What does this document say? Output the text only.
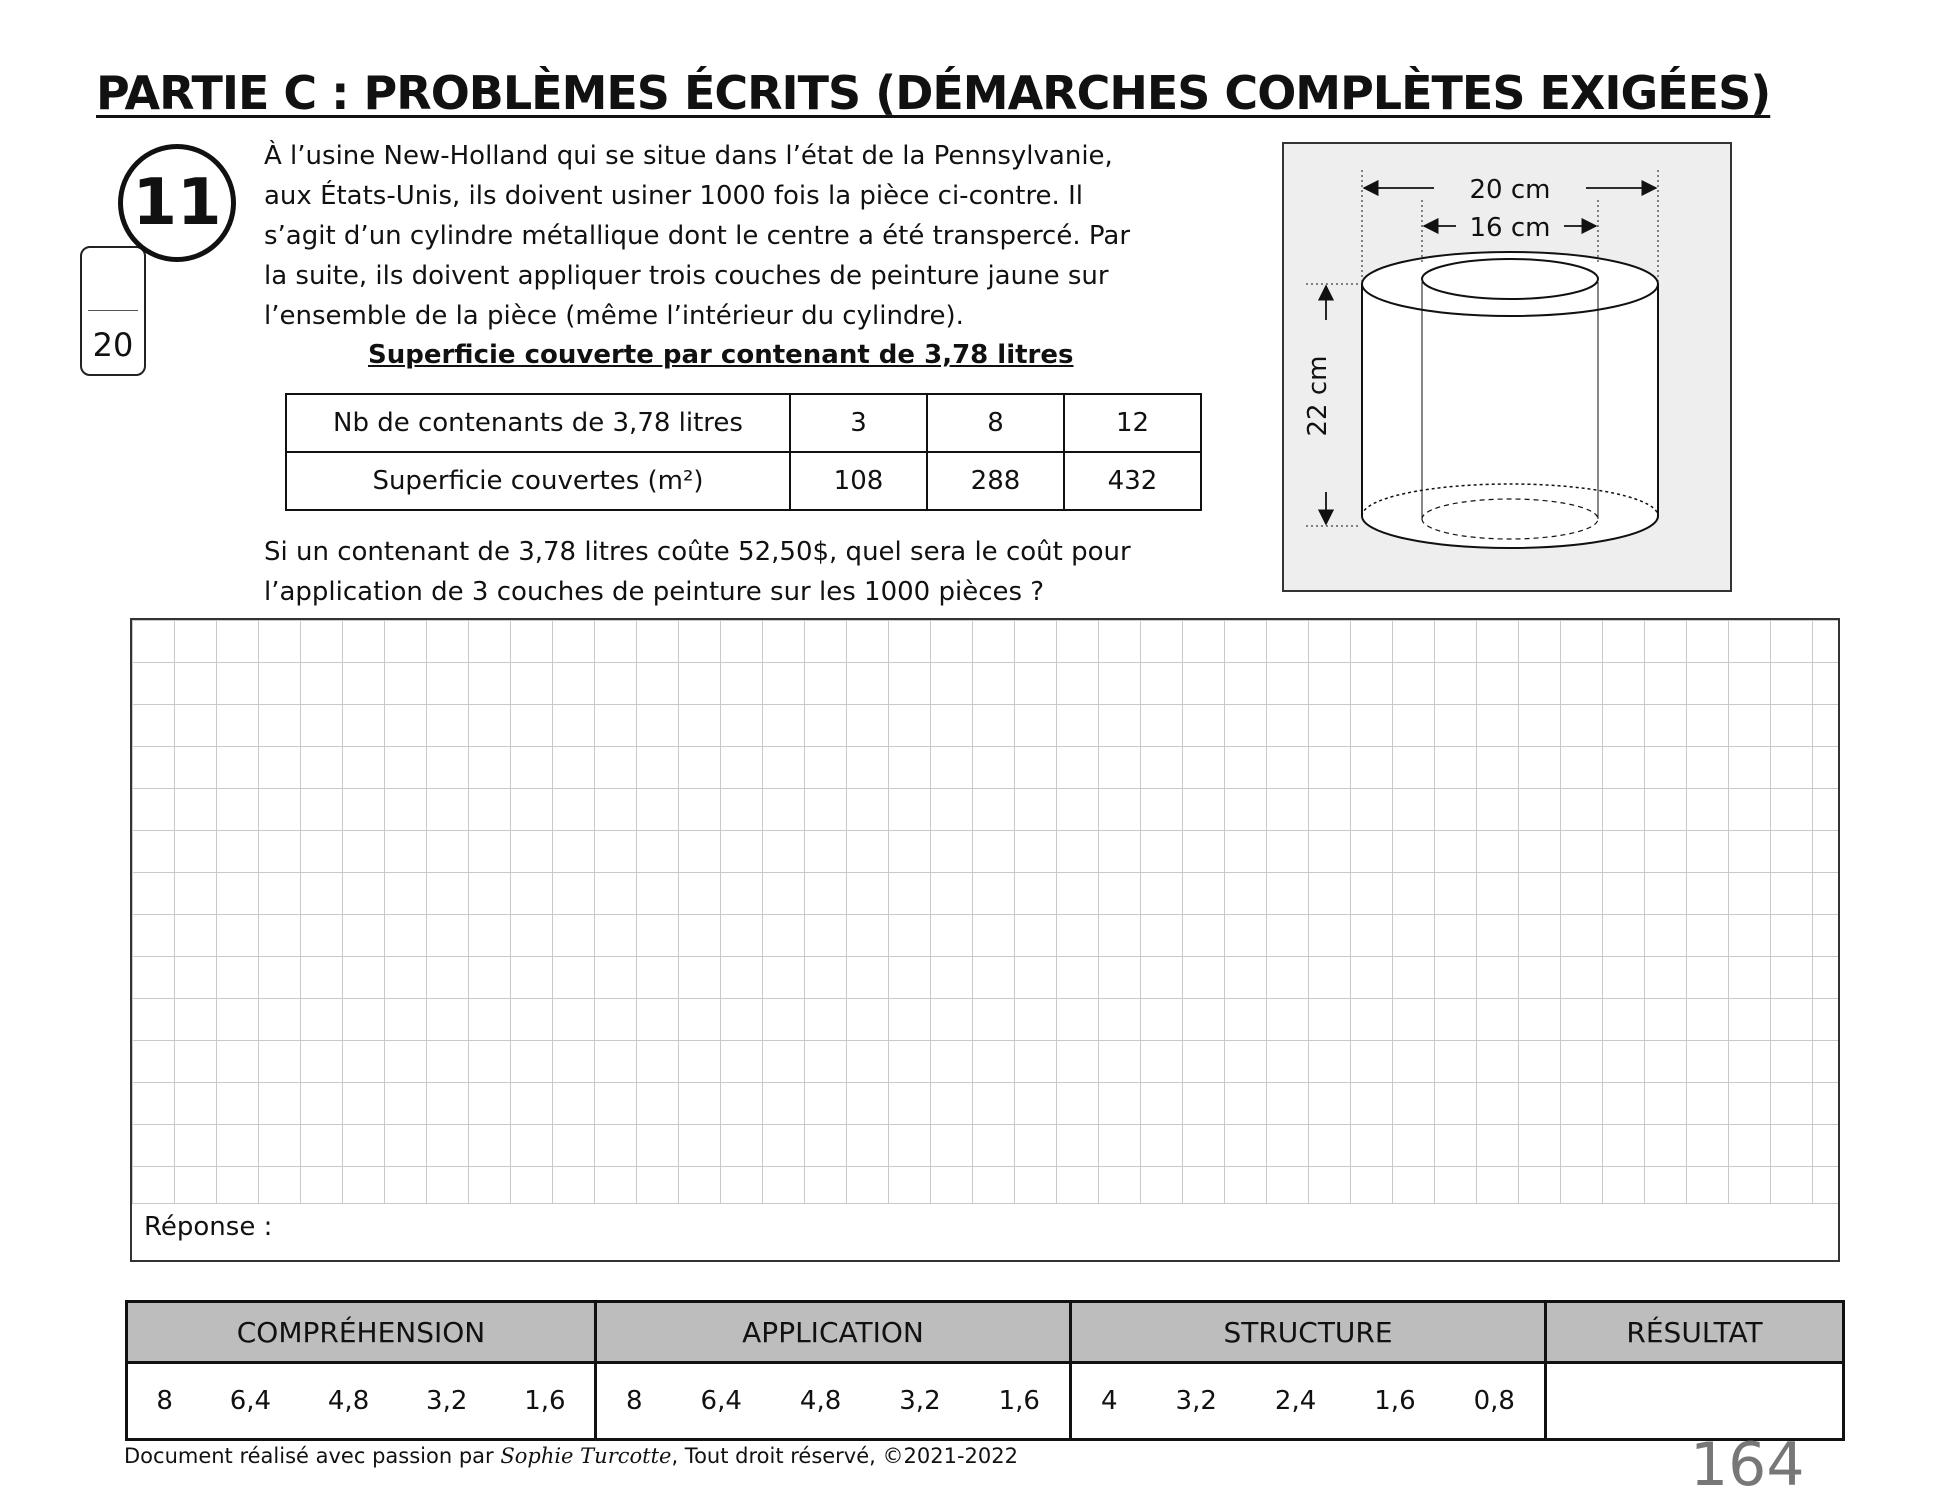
PARTIE C : PROBLÈMES ÉCRITS (DÉMARCHES COMPLÈTES EXIGÉES)
11
20
À l’usine New-Holland qui se situe dans l’état de la Pennsylvanie,
aux États-Unis, ils doivent usiner 1000 fois la pièce ci-contre. Il
s’agit d’un cylindre métallique dont le centre a été transpercé. Par
la suite, ils doivent appliquer trois couches de peinture jaune sur
l’ensemble de la pièce (même l’intérieur du cylindre).
Superficie couverte par contenant de 3,78 litres
Nb de contenants de 3,78 litres	3	8	12
Superficie couvertes (m²)	108	288	432
Si un contenant de 3,78 litres coûte 52,50$, quel sera le coût pour
l’application de 3 couches de peinture sur les 1000 pièces ?
20 cm
16 cm
22 cm
Réponse :
COMPRÉHENSION	APPLICATION	STRUCTURE	RÉSULTAT

8 6,4 4,8 3,2 1,6	8 6,4 4,8 3,2 1,6	4 3,2 2,4 1,6 0,8	

Document réalisé avec passion par Sophie Turcotte, Tout droit réservé, ©2021-2022	164
